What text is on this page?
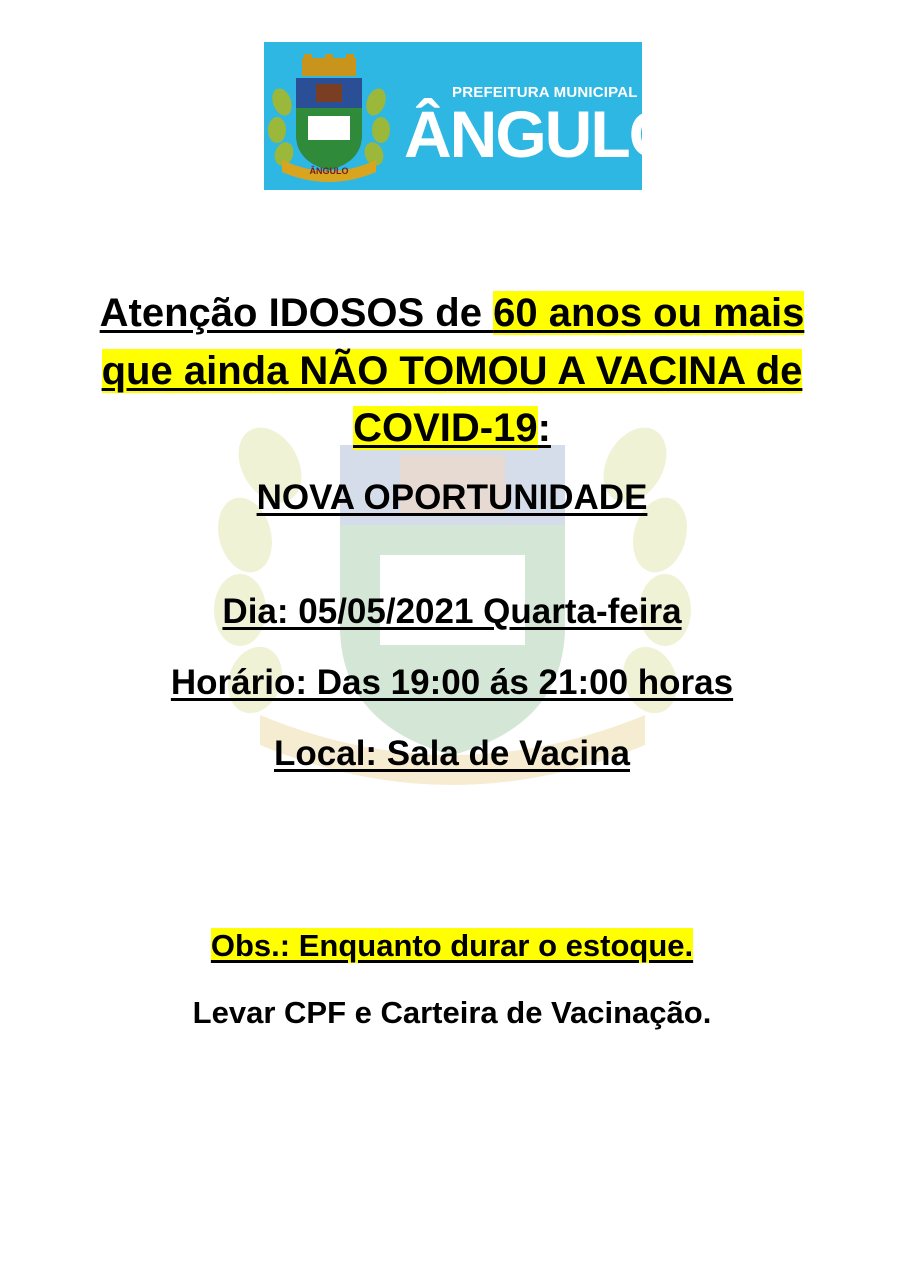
ÂNGULO
PREFEITURA MUNICIPAL
ÂNGULO
Atenção IDOSOS de 60 anos ou mais
que ainda NÃO TOMOU A VACINA de
COVID-19:
NOVA OPORTUNIDADE
Dia: 05/05/2021 Quarta-feira
Horário: Das 19:00 ás 21:00 horas
Local: Sala de Vacina
Obs.: Enquanto durar o estoque.
Levar CPF e Carteira de Vacinação.
